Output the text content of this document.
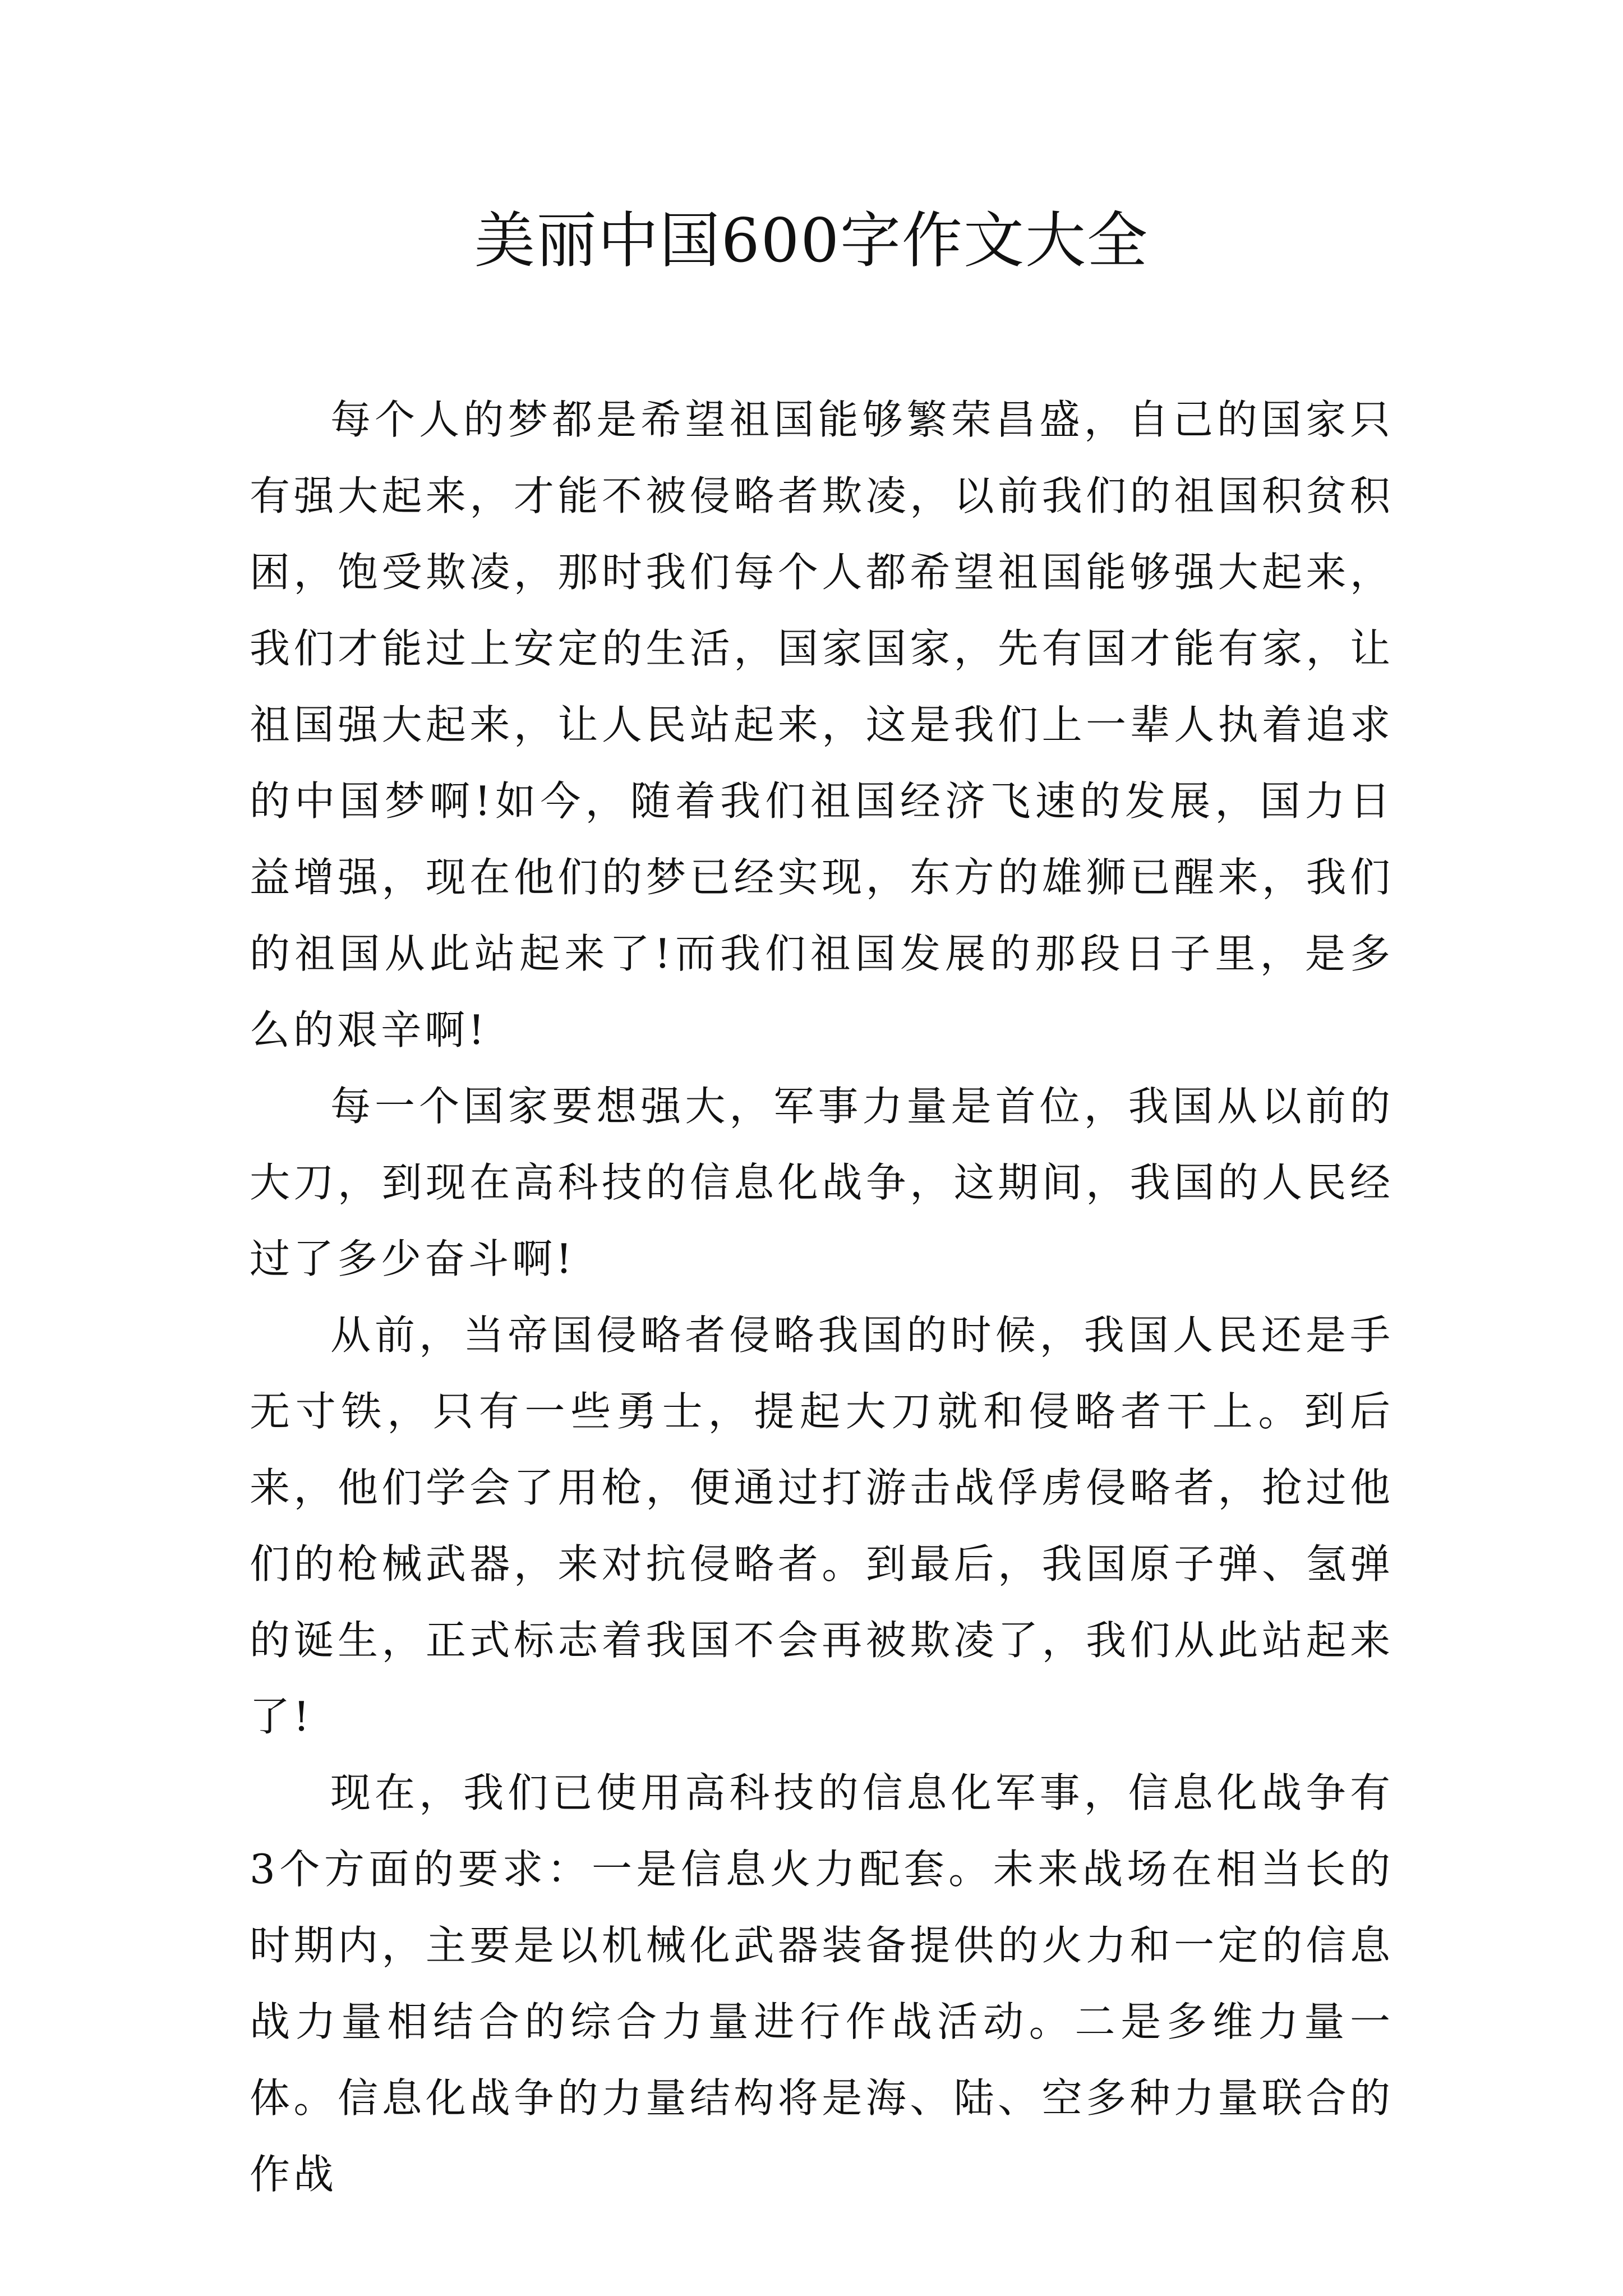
美丽中国600字作文大全

每个人的梦都是希望祖国能够繁荣昌盛，自己的国家只有强大起来，才能不被侵略者欺凌，以前我们的祖国积贫积困，饱受欺凌，那时我们每个人都希望祖国能够强大起来，我们才能过上安定的生活，国家国家，先有国才能有家，让祖国强大起来，让人民站起来，这是我们上一辈人执着追求的中国梦啊!如今，随着我们祖国经济飞速的发展，国力日益增强，现在他们的梦已经实现，东方的雄狮已醒来，我们的祖国从此站起来了!而我们祖国发展的那段日子里，是多么的艰辛啊!

每一个国家要想强大，军事力量是首位，我国从以前的大刀，到现在高科技的信息化战争，这期间，我国的人民经过了多少奋斗啊!

从前，当帝国侵略者侵略我国的时候，我国人民还是手无寸铁，只有一些勇士，提起大刀就和侵略者干上。到后来，他们学会了用枪，便通过打游击战俘虏侵略者，抢过他们的枪械武器，来对抗侵略者。到最后，我国原子弹、氢弹的诞生，正式标志着我国不会再被欺凌了，我们从此站起来了!

现在，我们已使用高科技的信息化军事，信息化战争有3个方面的要求：一是信息火力配套。未来战场在相当长的时期内，主要是以机械化武器装备提供的火力和一定的信息战力量相结合的综合力量进行作战活动。二是多维力量一体。信息化战争的力量结构将是海、陆、空多种力量联合的作战
